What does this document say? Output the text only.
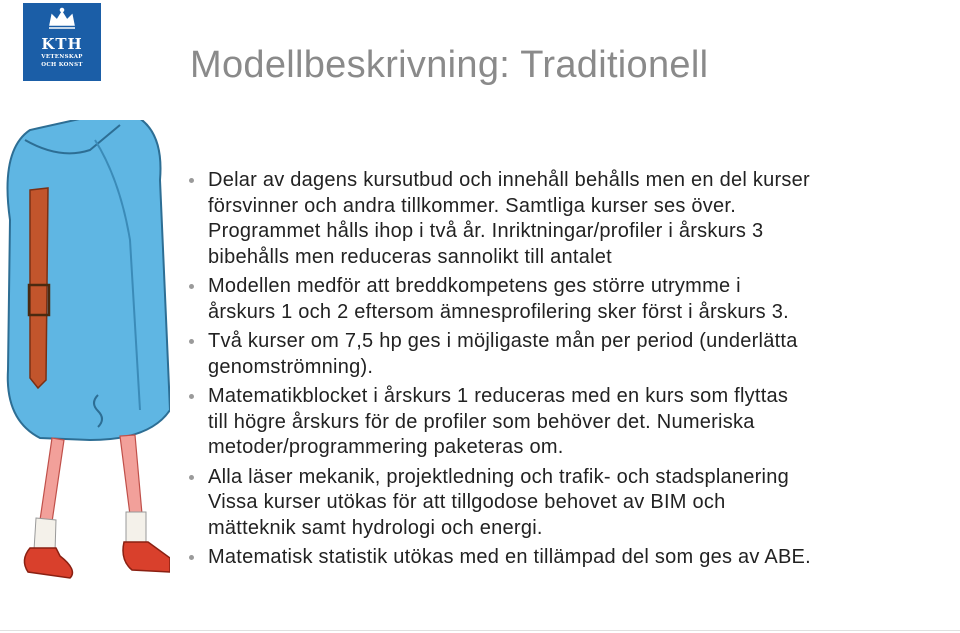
KTH
VETENSKAP
OCH KONST	Modellbeskrivning: Traditionell
Delar av dagens kursutbud och innehåll behålls men en del kurser
försvinner och andra tillkommer. Samtliga kurser ses över.
Programmet hålls ihop i två år. Inriktningar/profiler i årskurs 3
bibehålls men reduceras sannolikt till antalet
Modellen medför att breddkompetens ges större utrymme i
årskurs 1 och 2 eftersom ämnesprofilering sker först i årskurs 3.
Två kurser om 7,5 hp ges i möjligaste mån per period (underlätta
genomströmning).
Matematikblocket i årskurs 1 reduceras med en kurs som flyttas
till högre årskurs för de profiler som behöver det. Numeriska
metoder/programmering paketeras om.
Alla läser mekanik, projektledning och trafik- och stadsplanering
Vissa kurser utökas för att tillgodose behovet av BIM och
mätteknik samt hydrologi och energi.
Matematisk statistik utökas med en tillämpad del som ges av ABE.
